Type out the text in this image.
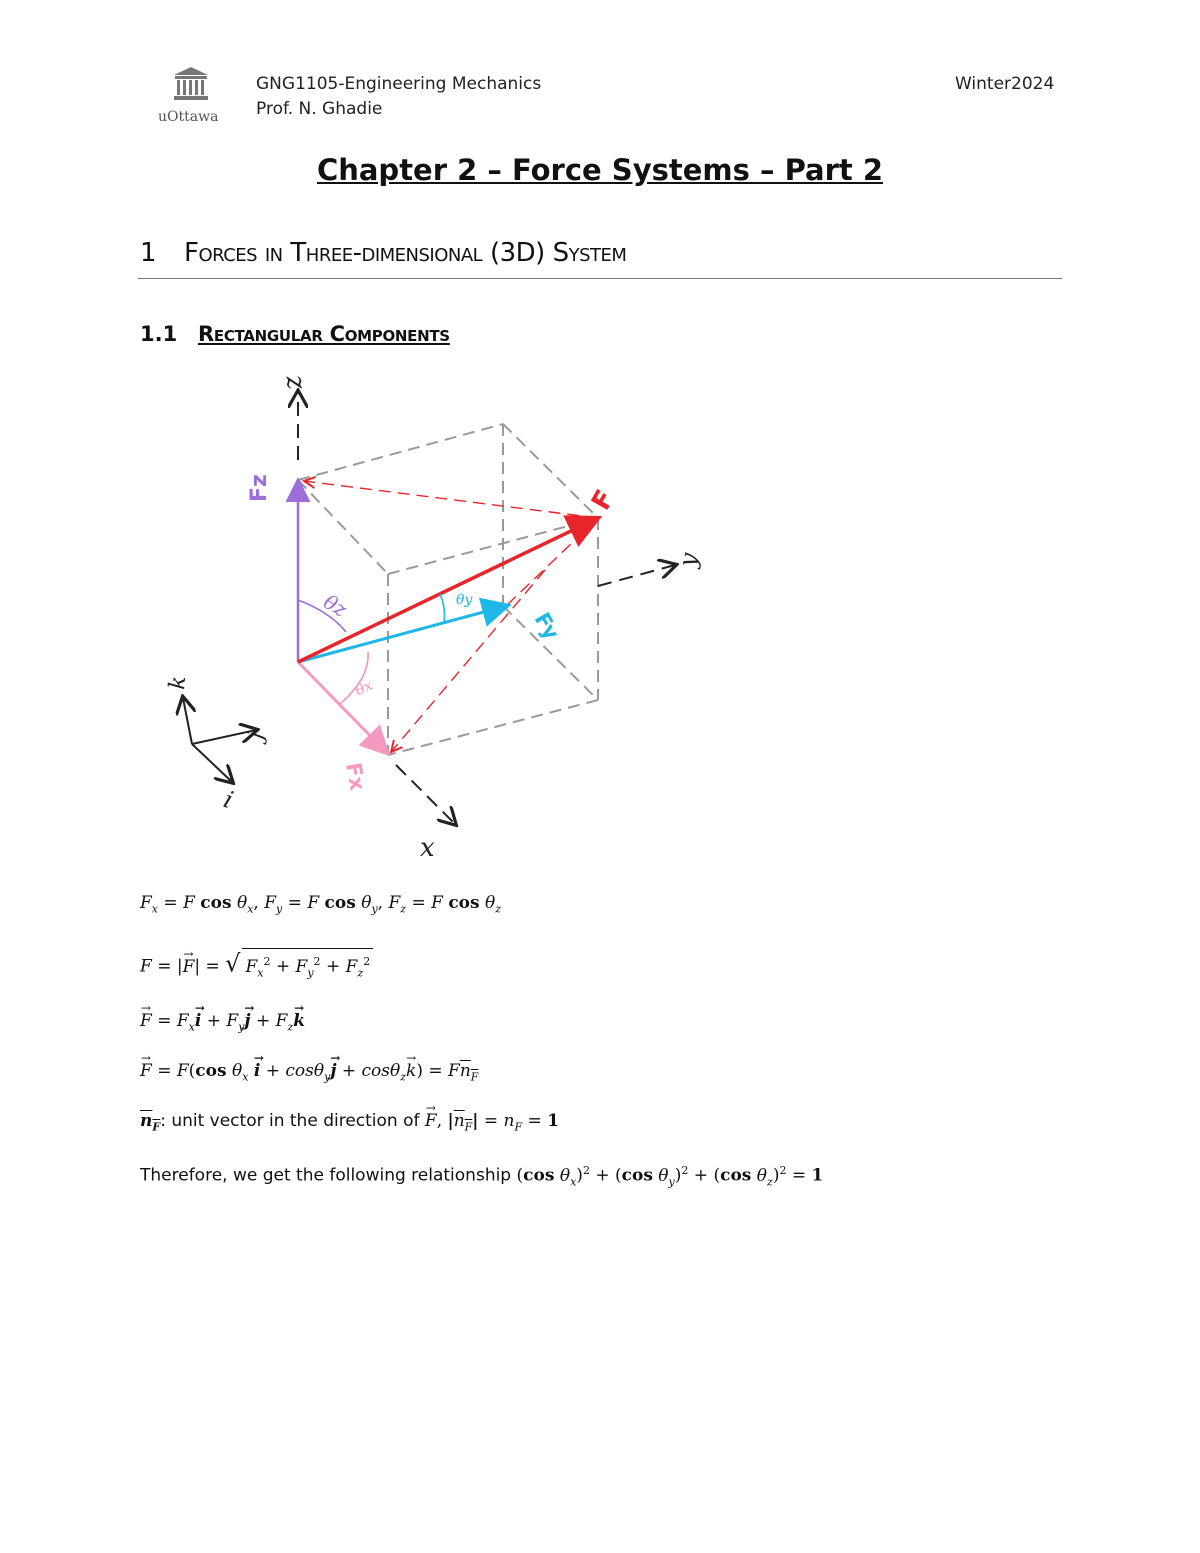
uOttawa
GNG1105-Engineering Mechanics
Prof. N. Ghadie
Winter2024
Chapter 2 – Force Systems – Part 2
1 Forces in Three-dimensional (3D) System
1.1 Rectangular Components
F
Fz
Fy
Fx
θz	θy
θx
z
y
x
k
j
i
$F_x = F$ $\cos \theta_x$, $F_y = F$ $\cos \theta_y$, $F_z = F$ $\cos \theta_z$
F = |→ F| = √ $F_x^2 + F_y^2 + F_z^2$
→ $F = F_x\to i + F_y\to j + F_z\to k$
→ F = F(cos $\theta_x \to i + \cos\theta_y\to j + \cos\theta_z\to k) = Fn_F$
$n_F$: unit vector in the direction of → F, $|n_F| = n_F = 1$
Therefore, we get the following relationship (cos $\theta_x)^2 + (\cos$ $\theta_y)^2 + (\cos$ $\theta_z)^2 = 1$
